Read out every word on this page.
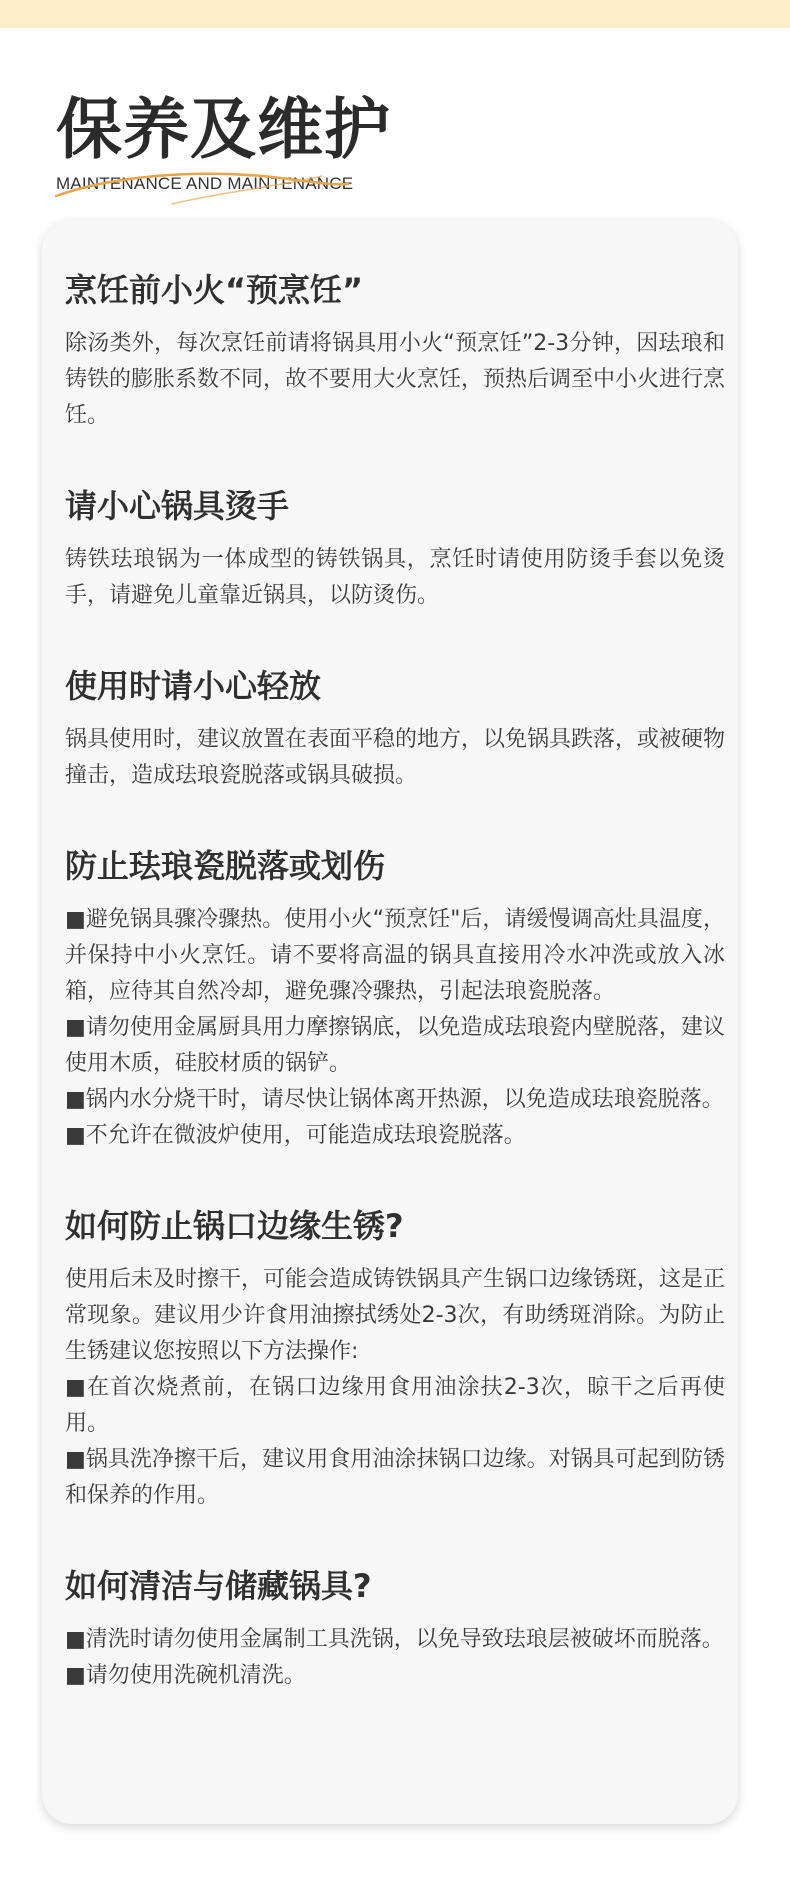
保养及维护
MAINTENANCE AND MAINTENANCE
烹饪前小火“预烹饪”

除汤类外，每次烹饪前请将锅具用小火“预烹饪”2-3分钟，因珐琅和铸铁的膨胀系数不同，故不要用大火烹饪，预热后调至中小火进行烹饪。

请小心锅具烫手

铸铁珐琅锅为一体成型的铸铁锅具，烹饪时请使用防烫手套以免烫手，请避免儿童靠近锅具，以防烫伤。

使用时请小心轻放

锅具使用时，建议放置在表面平稳的地方，以免锅具跌落，或被硬物撞击，造成珐琅瓷脱落或锅具破损。

防止珐琅瓷脱落或划伤

■避免锅具骤冷骤热。使用小火“预烹饪"后，请缓慢调高灶具温度，并保持中小火烹饪。请不要将高温的锅具直接用冷水冲洗或放入冰箱，应待其自然冷却，避免骤冷骤热，引起法琅瓷脱落。

■请勿使用金属厨具用力摩擦锅底，以免造成珐琅瓷内壁脱落，建议使用木质，硅胶材质的锅铲。

■锅内水分烧干时，请尽快让锅体离开热源，以免造成珐琅瓷脱落。

■不允许在微波炉使用，可能造成珐琅瓷脱落。

如何防止锅口边缘生锈?

使用后未及时擦干，可能会造成铸铁锅具产生锅口边缘锈斑，这是正常现象。建议用少许食用油擦拭绣处2-3次，有助绣斑消除。为防止生锈建议您按照以下方法操作:

■在首次烧煮前，在锅口边缘用食用油涂扶2-3次，晾干之后再使用。

■锅具洗净擦干后，建议用食用油涂抹锅口边缘。对锅具可起到防锈和保养的作用。

如何清洁与储藏锅具?

■清洗时请勿使用金属制工具洗锅，以免导致珐琅层被破坏而脱落。

■请勿使用洗碗机清洗。
